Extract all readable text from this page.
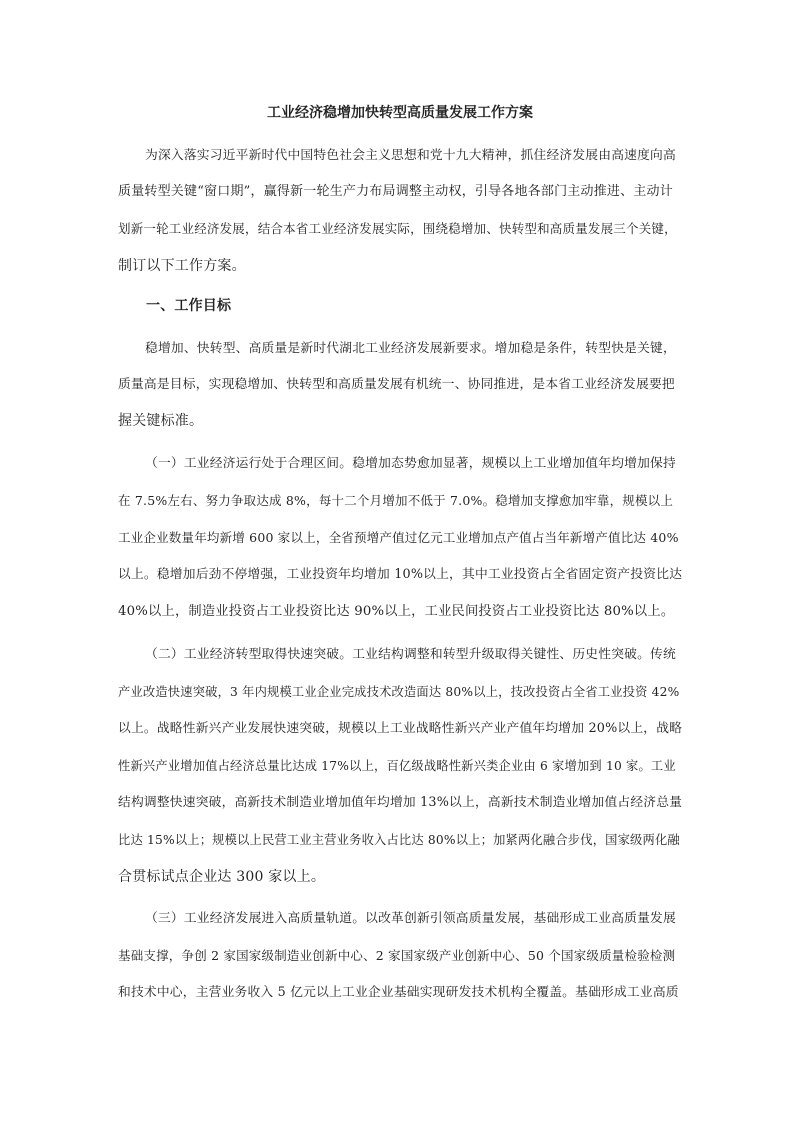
工业经济稳增加快转型高质量发展工作方案
为深入落实习近平新时代中国特色社会主义思想和党十九大精神，抓住经济发展由高速度向高
质量转型关键“窗口期”，赢得新一轮生产力布局调整主动权，引导各地各部门主动推进、主动计
划新一轮工业经济发展，结合本省工业经济发展实际，围绕稳增加、快转型和高质量发展三个关键，
制订以下工作方案。
一、工作目标
稳增加、快转型、高质量是新时代湖北工业经济发展新要求。增加稳是条件，转型快是关键，
质量高是目标，实现稳增加、快转型和高质量发展有机统一、协同推进，是本省工业经济发展要把
握关键标准。
（一）工业经济运行处于合理区间。稳增加态势愈加显著，规模以上工业增加值年均增加保持
在 7.5%左右、努力争取达成 8%，每十二个月增加不低于 7.0%。稳增加支撑愈加牢靠，规模以上
工业企业数量年均新增 600 家以上，全省预增产值过亿元工业增加点产值占当年新增产值比达 40%
以上。稳增加后劲不停增强，工业投资年均增加 10%以上，其中工业投资占全省固定资产投资比达
40%以上，制造业投资占工业投资比达 90%以上，工业民间投资占工业投资比达 80%以上。
（二）工业经济转型取得快速突破。工业结构调整和转型升级取得关键性、历史性突破。传统
产业改造快速突破，3 年内规模工业企业完成技术改造面达 80%以上，技改投资占全省工业投资 42%
以上。战略性新兴产业发展快速突破，规模以上工业战略性新兴产业产值年均增加 20%以上，战略
性新兴产业增加值占经济总量比达成 17%以上，百亿级战略性新兴类企业由 6 家增加到 10 家。工业
结构调整快速突破，高新技术制造业增加值年均增加 13%以上，高新技术制造业增加值占经济总量
比达 15%以上；规模以上民营工业主营业务收入占比达 80%以上；加紧两化融合步伐，国家级两化融
合贯标试点企业达 300 家以上。
（三）工业经济发展进入高质量轨道。以改革创新引领高质量发展，基础形成工业高质量发展
基础支撑，争创 2 家国家级制造业创新中心、2 家国家级产业创新中心、50 个国家级质量检验检测
和技术中心，主营业务收入 5 亿元以上工业企业基础实现研发技术机构全覆盖。基础形成工业高质
